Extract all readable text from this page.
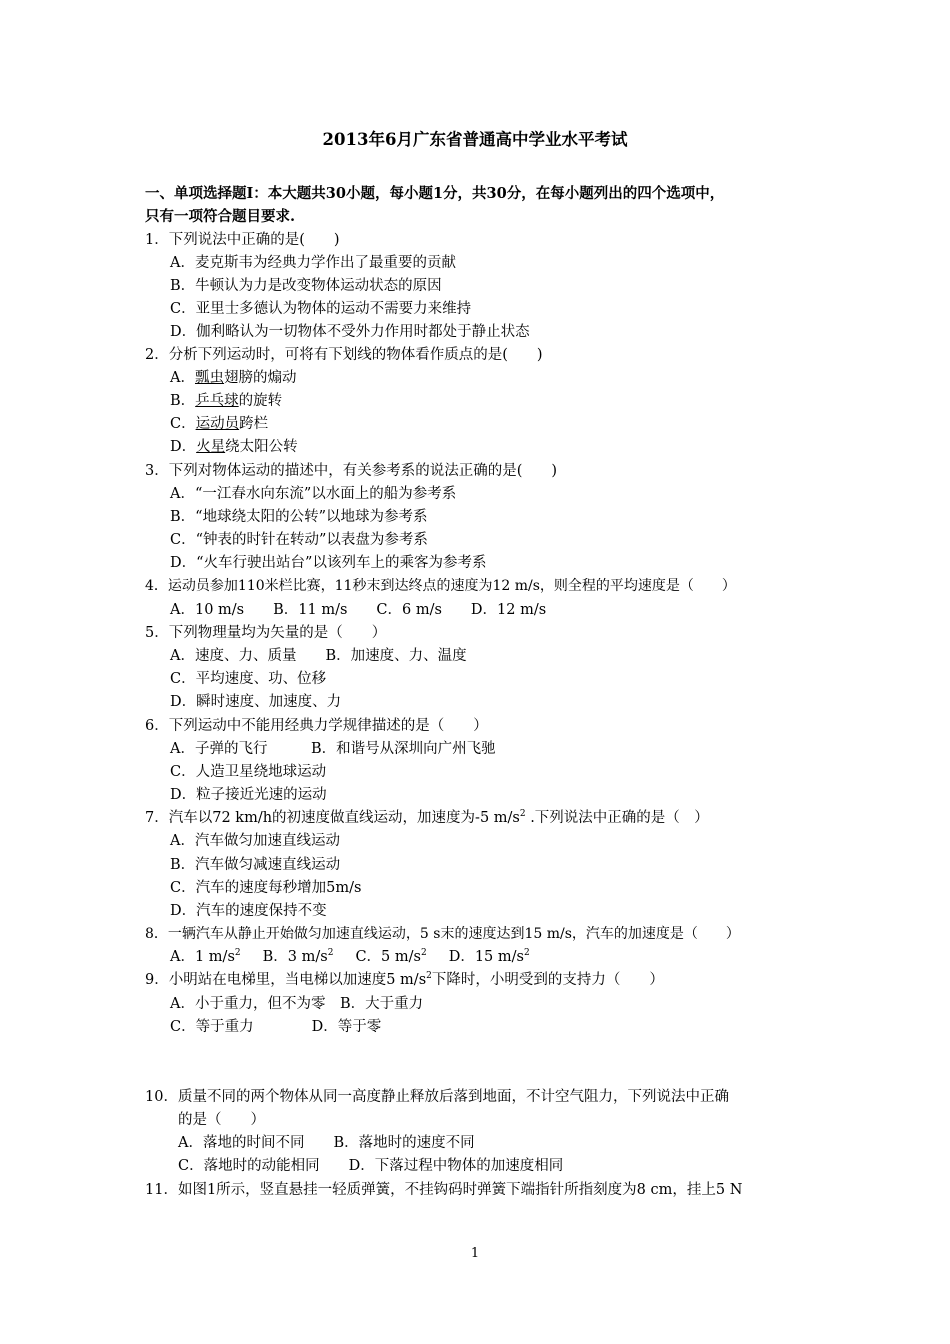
2013年6月广东省普通高中学业水平考试
一、单项选择题Ⅰ：本大题共30小题，每小题1分，共30分，在每小题列出的四个选项中，
只有一项符合题目要求.
1．下列说法中正确的是(　　)
A．麦克斯韦为经典力学作出了最重要的贡献
B．牛顿认为力是改变物体运动状态的原因
C．亚里士多德认为物体的运动不需要力来维持
D．伽利略认为一切物体不受外力作用时都处于静止状态
2．分析下列运动时，可将有下划线的物体看作质点的是(　　)
A．瓢虫翅膀的煽动
B．乒乓球的旋转
C．运动员跨栏
D．火星绕太阳公转
3．下列对物体运动的描述中，有关参考系的说法正确的是(　　)
A．“一江春水向东流”以水面上的船为参考系
B．“地球绕太阳的公转”以地球为参考系
C．“钟表的时针在转动”以表盘为参考系
D．“火车行驶出站台”以该列车上的乘客为参考系
4．运动员参加110米栏比赛，11秒末到达终点的速度为12 m/s，则全程的平均速度是（　　）
A．10 m/s　　B．11 m/s　　C．6 m/s　　D．12 m/s
5．下列物理量均为矢量的是（　　）
A．速度、力、质量　　B．加速度、力、温度
C．平均速度、功、位移
D．瞬时速度、加速度、力
6．下列运动中不能用经典力学规律描述的是（　　）
A．子弹的飞行　　　B．和谐号从深圳向广州飞驰
C．人造卫星绕地球运动
D．粒子接近光速的运动
7．汽车以72 km/h的初速度做直线运动，加速度为-5 $m/s^2$ .下列说法中正确的是（　）
A．汽车做匀加速直线运动
B．汽车做匀减速直线运动
C．汽车的速度每秒增加5m/s
D．汽车的速度保持不变
8．一辆汽车从静止开始做匀加速直线运动，5 s末的速度达到15 m/s，汽车的加速度是（　　）
A．1 $m/s^2$ B．3 $m/s^2$ C．5 $m/s^2$ D．15 $m/s^2$
9．小明站在电梯里，当电梯以加速度5 $m/s^2$下降时，小明受到的支持力（　　）
A．小于重力，但不为零　B．大于重力
C．等于重力　　　　D．等于零
10．质量不同的两个物体从同一高度静止释放后落到地面，不计空气阻力，下列说法中正确
的是（　　）
A．落地的时间不同　　B．落地时的速度不同
C．落地时的动能相同　　D．下落过程中物体的加速度相同
11．如图1所示，竖直悬挂一轻质弹簧，不挂钩码时弹簧下端指针所指刻度为8 cm，挂上5 N
1
